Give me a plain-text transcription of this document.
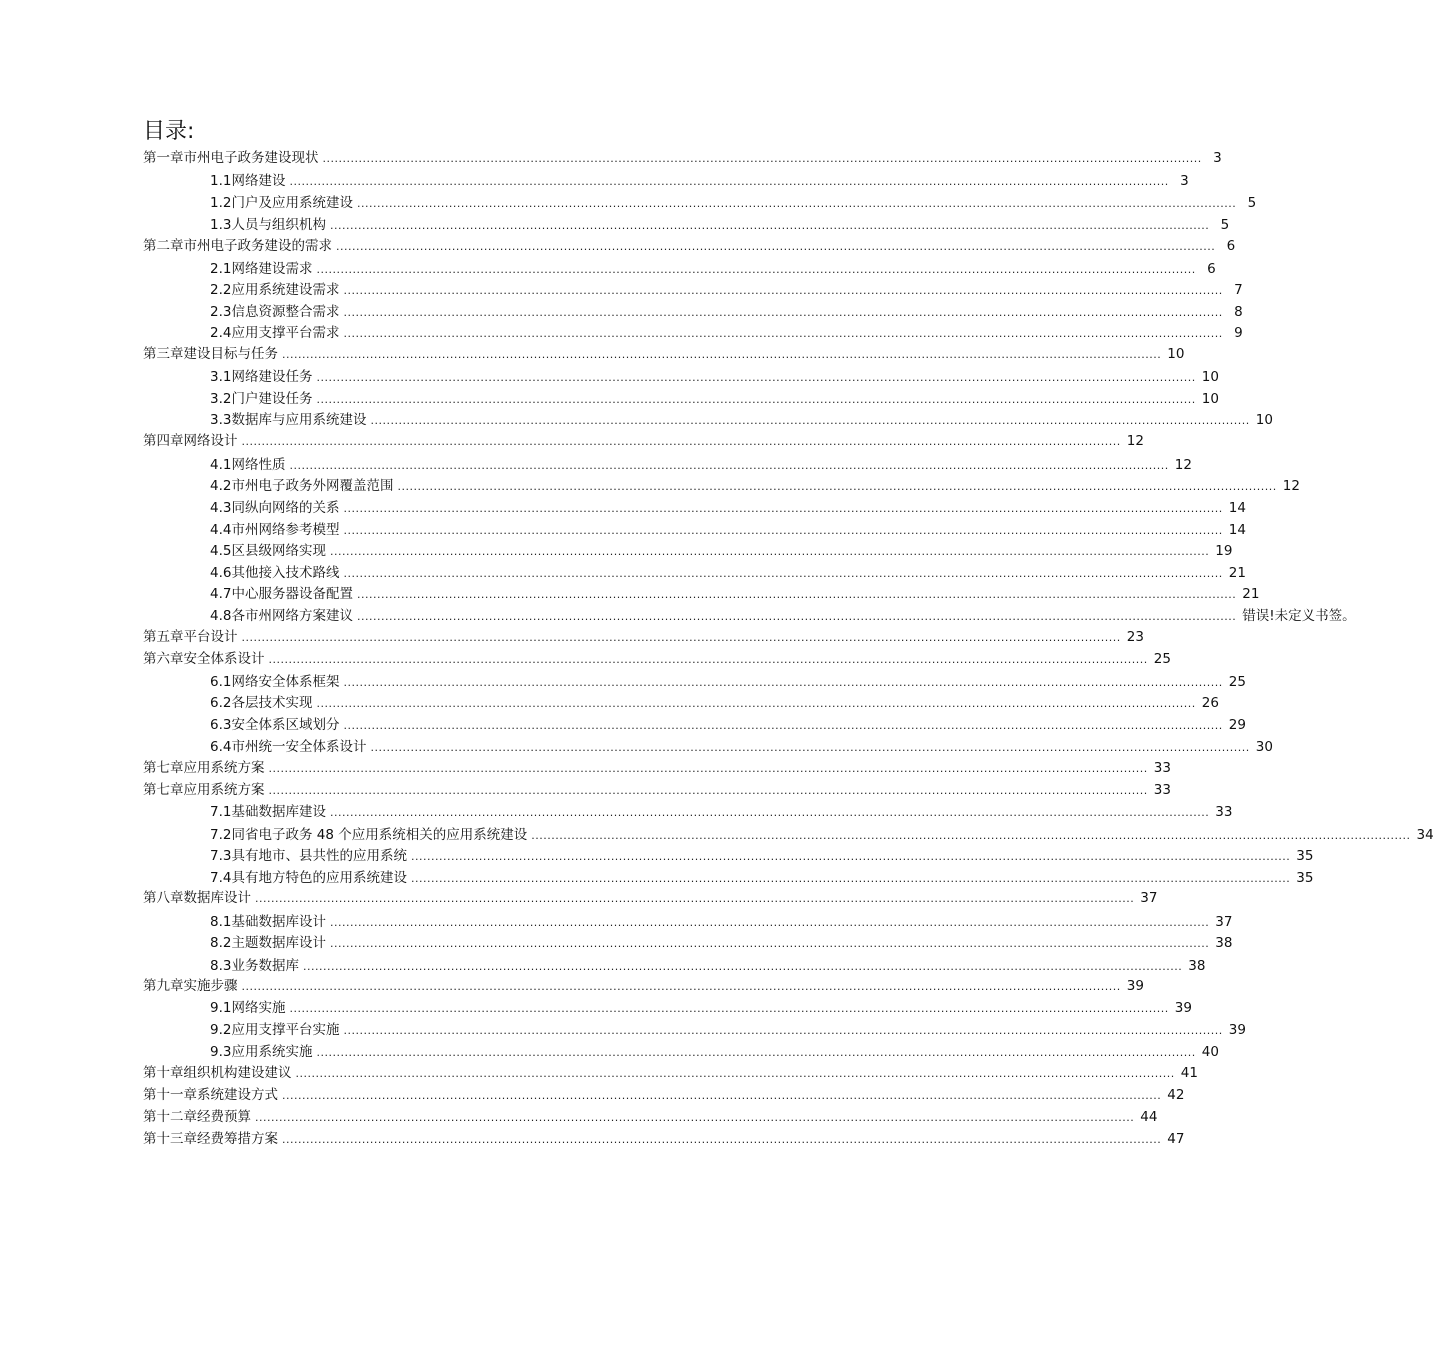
目录:
第一章 市州电子政务建设现状 ............................................................................................................................................................................................................................ 3
1.1 网络建设 ............................................................................................................................................................................................................................ 3
1.2 门户及应用系统建设 ............................................................................................................................................................................................................................ 5
1.3 人员与组织机构 ............................................................................................................................................................................................................................ 5
第二章 市州电子政务建设的需求 ............................................................................................................................................................................................................................ 6
2.1 网络建设需求 ............................................................................................................................................................................................................................ 6
2.2 应用系统建设需求 ............................................................................................................................................................................................................................ 7
2.3 信息资源整合需求 ............................................................................................................................................................................................................................ 8
2.4 应用支撑平台需求 ............................................................................................................................................................................................................................ 9
第三章 建设目标与任务 ............................................................................................................................................................................................................................ 10
3.1 网络建设任务 ............................................................................................................................................................................................................................ 10
3.2 门户建设任务 ............................................................................................................................................................................................................................ 10
3.3 数据库与应用系统建设 ............................................................................................................................................................................................................................ 10
第四章 网络设计 ............................................................................................................................................................................................................................ 12
4.1 网络性质 ............................................................................................................................................................................................................................ 12
4.2 市州电子政务外网覆盖范围 ............................................................................................................................................................................................................................ 12
4.3 同纵向网络的关系 ............................................................................................................................................................................................................................ 14
4.4 市州网络参考模型 ............................................................................................................................................................................................................................ 14
4.5 区县级网络实现 ............................................................................................................................................................................................................................ 19
4.6 其他接入技术路线 ............................................................................................................................................................................................................................ 21
4.7 中心服务器设备配置 ............................................................................................................................................................................................................................ 21
4.8 各市州网络方案建议 ............................................................................................................................................................................................................................ 错误!未定义书签。
第五章 平台设计 ............................................................................................................................................................................................................................ 23
第六章 安全体系设计 ............................................................................................................................................................................................................................ 25
6.1 网络安全体系框架 ............................................................................................................................................................................................................................ 25
6.2 各层技术实现 ............................................................................................................................................................................................................................ 26
6.3 安全体系区域划分 ............................................................................................................................................................................................................................ 29
6.4 市州统一安全体系设计 ............................................................................................................................................................................................................................ 30
第七章 应用系统方案 ............................................................................................................................................................................................................................ 33
第七章 应用系统方案 ............................................................................................................................................................................................................................ 33
7.1 基础数据库建设 ............................................................................................................................................................................................................................ 33
7.2 同省电子政务 48 个应用系统相关的应用系统建设 ............................................................................................................................................................................................................................ 34
7.3 具有地市、县共性的应用系统 ............................................................................................................................................................................................................................ 35
7.4 具有地方特色的应用系统建设 ............................................................................................................................................................................................................................ 35
第八章 数据库设计 ............................................................................................................................................................................................................................ 37
8.1 基础数据库设计 ............................................................................................................................................................................................................................ 37
8.2 主题数据库设计 ............................................................................................................................................................................................................................ 38
8.3 业务数据库 ............................................................................................................................................................................................................................ 38
第九章 实施步骤 ............................................................................................................................................................................................................................ 39
9.1 网络实施 ............................................................................................................................................................................................................................ 39
9.2 应用支撑平台实施 ............................................................................................................................................................................................................................ 39
9.3 应用系统实施 ............................................................................................................................................................................................................................ 40
第十章 组织机构建设建议 ............................................................................................................................................................................................................................ 41
第十一章 系统建设方式 ............................................................................................................................................................................................................................ 42
第十二章 经费预算 ............................................................................................................................................................................................................................ 44
第十三章 经费筹措方案 ............................................................................................................................................................................................................................ 47
